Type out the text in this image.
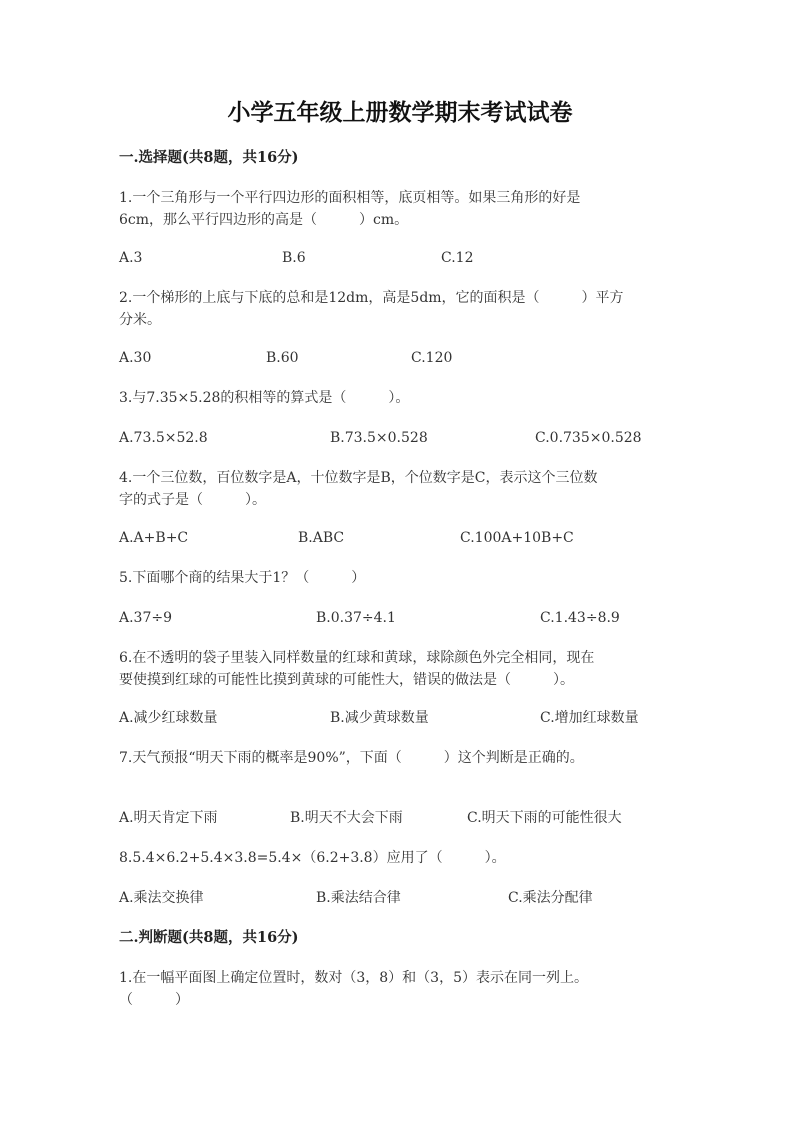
小学五年级上册数学期末考试试卷
一.选择题(共8题，共16分)
1.一个三角形与一个平行四边形的面积相等，底页相等。如果三角形的好是
6cm，那么平行四边形的高是（　　　）cm。
A.3	B.6	C.12
2.一个梯形的上底与下底的总和是12dm，高是5dm，它的面积是（　　　）平方
分米。
A.30	B.60	C.120
3.与7.35×5.28的积相等的算式是（　　　）。
A.73.5×52.8	B.73.5×0.528	C.0.735×0.528
4.一个三位数，百位数字是A，十位数字是B，个位数字是C，表示这个三位数
字的式子是（　　　）。
A.A+B+C	B.ABC	C.100A+10B+C
5.下面哪个商的结果大于1？（　　　）
A.37÷9	B.0.37÷4.1	C.1.43÷8.9
6.在不透明的袋子里装入同样数量的红球和黄球，球除颜色外完全相同，现在
要使摸到红球的可能性比摸到黄球的可能性大，错误的做法是（　　　）。
A.减少红球数量	B.减少黄球数量	C.增加红球数量
7.天气预报“明天下雨的概率是90%”，下面（　　　）这个判断是正确的。
A.明天肯定下雨	B.明天不大会下雨	C.明天下雨的可能性很大
8.5.4×6.2+5.4×3.8=5.4×（6.2+3.8）应用了（　　　）。
A.乘法交换律	B.乘法结合律	C.乘法分配律
二.判断题(共8题，共16分)
1.在一幅平面图上确定位置时，数对（3，8）和（3，5）表示在同一列上。
（　　　）
